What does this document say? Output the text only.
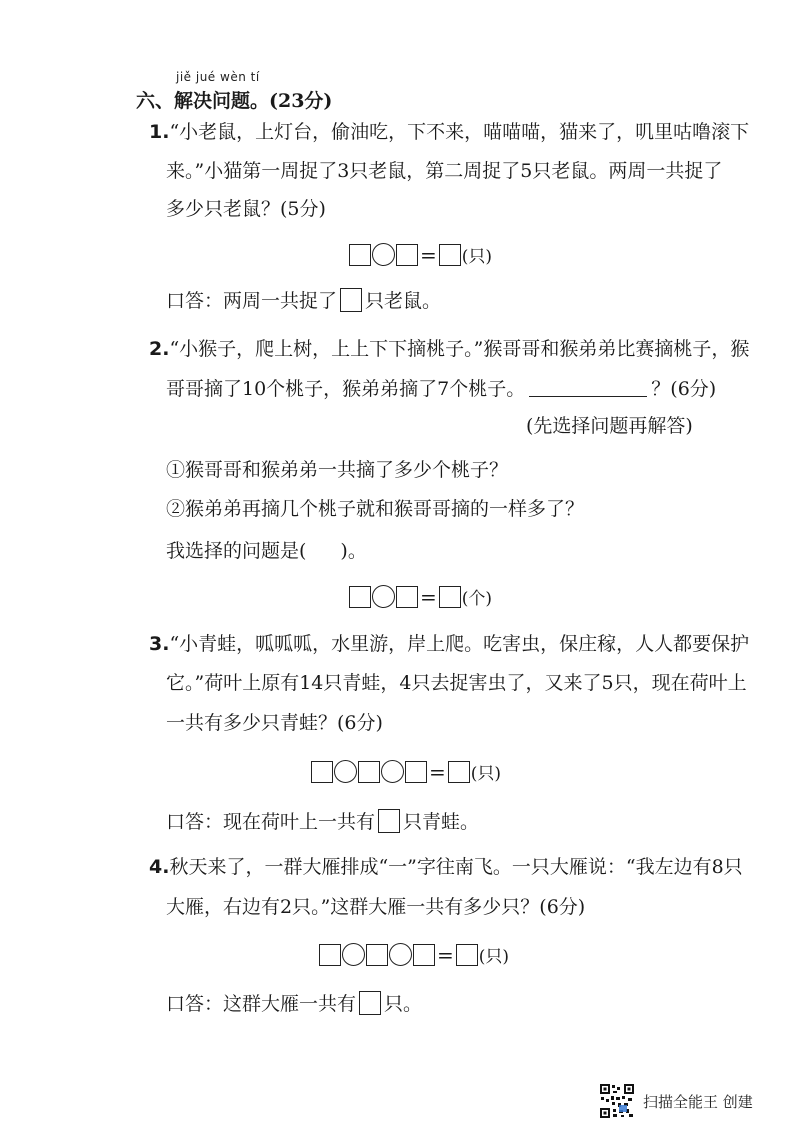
jiě jué wèn tí
六、解决问题。(23分)
1.“小老鼠，上灯台，偷油吃，下不来，喵喵喵，猫来了，叽里咕噜滚下
来。”小猫第一周捉了3只老鼠，第二周捉了5只老鼠。两周一共捉了
多少只老鼠？(5分)
= (只)
口答：两周一共捉了 只老鼠。
2.“小猴子，爬上树，上上下下摘桃子。”猴哥哥和猴弟弟比赛摘桃子，猴
哥哥摘了10个桃子，猴弟弟摘了7个桃子。	？(6分)
(先选择问题再解答)
①猴哥哥和猴弟弟一共摘了多少个桃子？
②猴弟弟再摘几个桃子就和猴哥哥摘的一样多了？
我选择的问题是( )。
= (个)
3.“小青蛙，呱呱呱，水里游，岸上爬。吃害虫，保庄稼，人人都要保护
它。”荷叶上原有14只青蛙，4只去捉害虫了，又来了5只，现在荷叶上
一共有多少只青蛙？(6分)
= (只)
口答：现在荷叶上一共有 只青蛙。
4.秋天来了，一群大雁排成“一”字往南飞。一只大雁说：“我左边有8只
大雁，右边有2只。”这群大雁一共有多少只？(6分)
= (只)
口答：这群大雁一共有 只。
扫描全能王 创建
